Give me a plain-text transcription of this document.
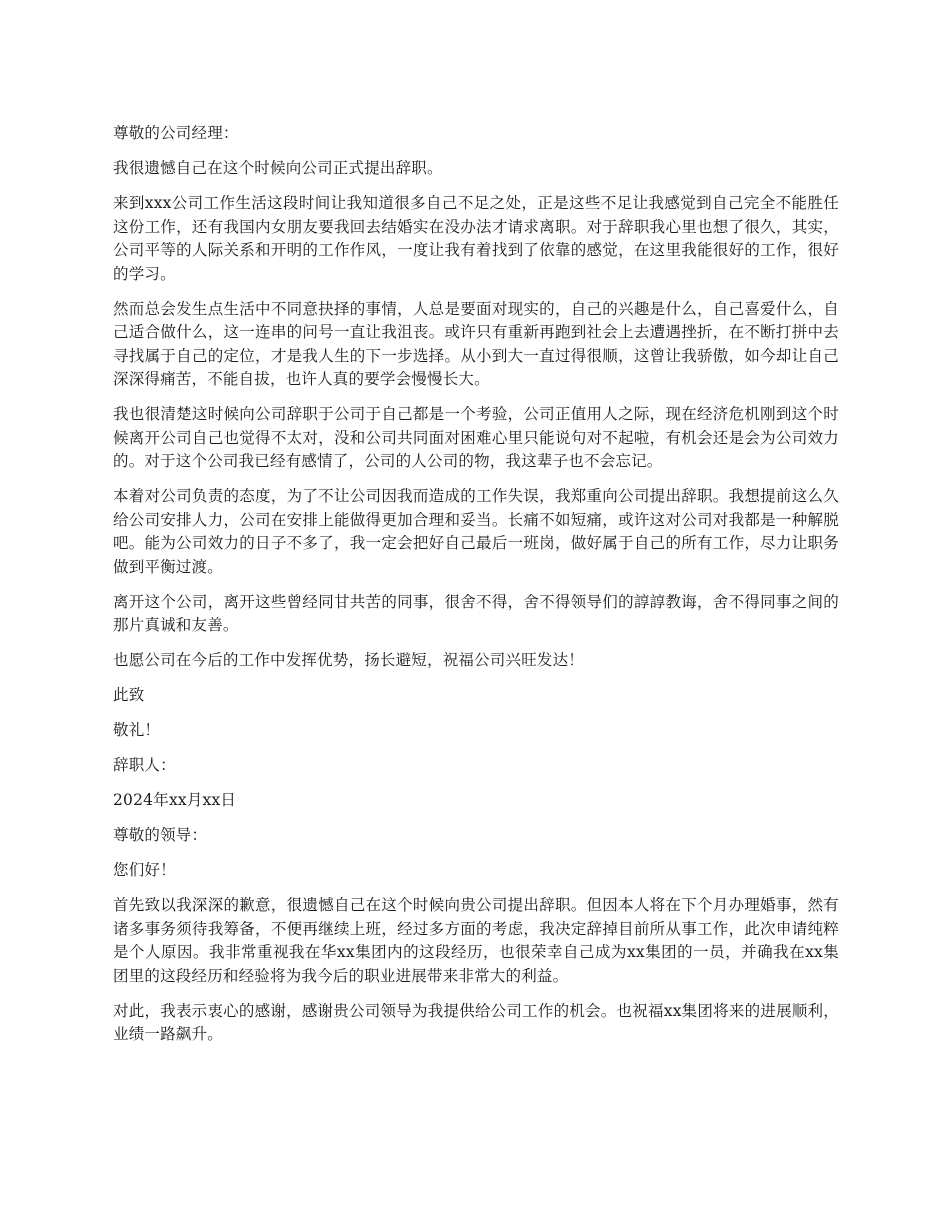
尊敬的公司经理：

我很遗憾自己在这个时候向公司正式提出辞职。

来到xxx公司工作生活这段时间让我知道很多自己不足之处，正是这些不足让我感觉到自己完全不能胜任这份工作，还有我国内女朋友要我回去结婚实在没办法才请求离职。对于辞职我心里也想了很久，其实，公司平等的人际关系和开明的工作作风，一度让我有着找到了依靠的感觉，在这里我能很好的工作，很好的学习。

然而总会发生点生活中不同意抉择的事情，人总是要面对现实的，自己的兴趣是什么，自己喜爱什么，自己适合做什么，这一连串的问号一直让我沮丧。或许只有重新再跑到社会上去遭遇挫折，在不断打拼中去寻找属于自己的定位，才是我人生的下一步选择。从小到大一直过得很顺，这曾让我骄傲，如今却让自己深深得痛苦，不能自拔，也许人真的要学会慢慢长大。

我也很清楚这时候向公司辞职于公司于自己都是一个考验，公司正值用人之际，现在经济危机刚到这个时候离开公司自己也觉得不太对，没和公司共同面对困难心里只能说句对不起啦，有机会还是会为公司效力的。对于这个公司我已经有感情了，公司的人公司的物，我这辈子也不会忘记。

本着对公司负责的态度，为了不让公司因我而造成的工作失误，我郑重向公司提出辞职。我想提前这么久给公司安排人力，公司在安排上能做得更加合理和妥当。长痛不如短痛，或许这对公司对我都是一种解脱吧。能为公司效力的日子不多了，我一定会把好自己最后一班岗，做好属于自己的所有工作，尽力让职务做到平衡过渡。

离开这个公司，离开这些曾经同甘共苦的同事，很舍不得，舍不得领导们的諄諄教诲，舍不得同事之间的那片真诚和友善。

也愿公司在今后的工作中发挥优势，扬长避短，祝福公司兴旺发达！

此致

敬礼！

辞职人：

2024年xx月xx日

尊敬的领导：

您们好！

首先致以我深深的歉意，很遗憾自己在这个时候向贵公司提出辞职。但因本人将在下个月办理婚事，然有诸多事务须待我筹备，不便再继续上班，经过多方面的考虑，我决定辞掉目前所从事工作，此次申请纯粹是个人原因。我非常重视我在华xx集团内的这段经历，也很荣幸自己成为xx集团的一员，并确我在xx集团里的这段经历和经验将为我今后的职业进展带来非常大的利益。

对此，我表示衷心的感谢，感谢贵公司领导为我提供给公司工作的机会。也祝福xx集团将来的进展顺利，业绩一路飙升。
